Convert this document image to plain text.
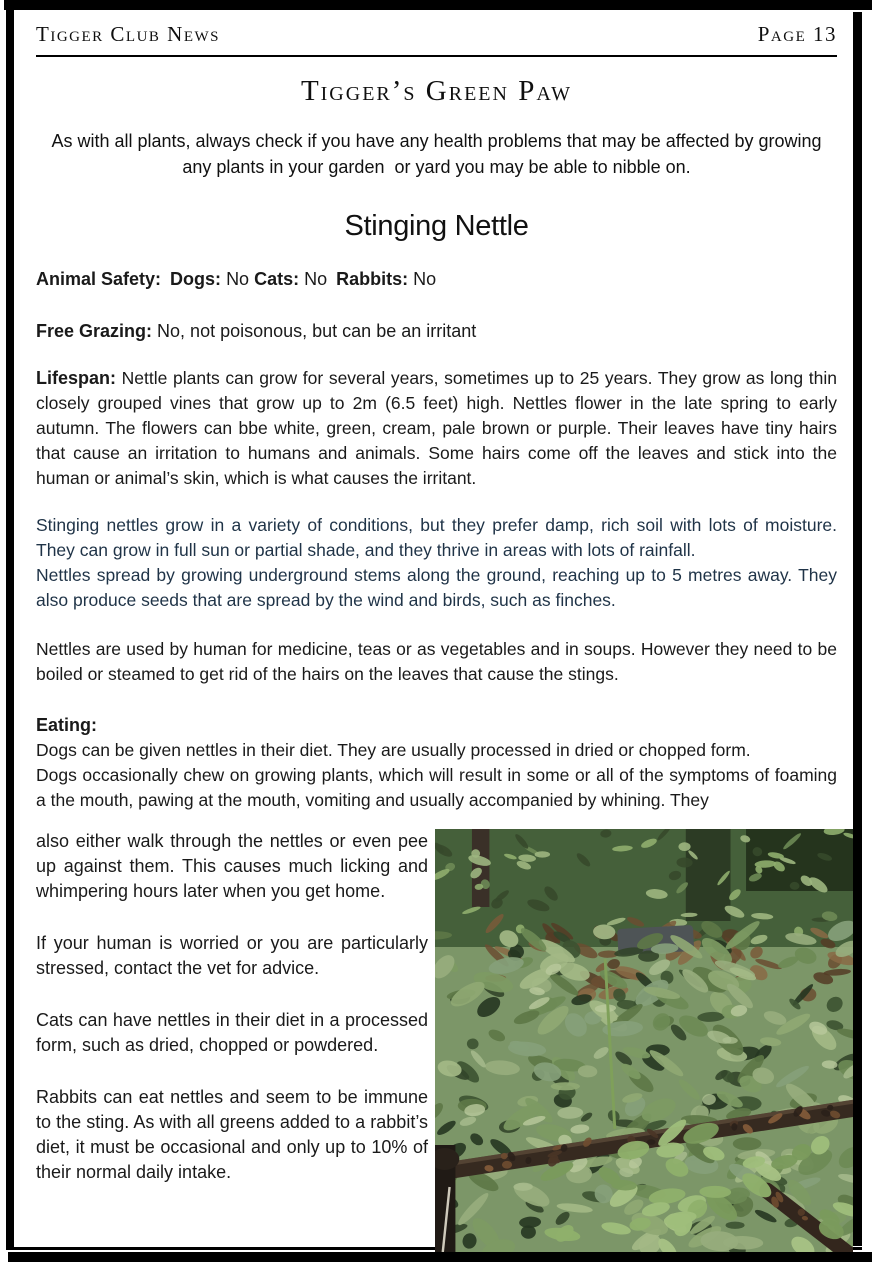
Tigger Club News	Page 13
Tigger’s Green Paw

As with all plants, always check if you have any health problems that may be affected by growing
any plants in your garden  or yard you may be able to nibble on.

Stinging Nettle

Animal Safety: Dogs: No Cats: No Rabbits: No

Free Grazing: No, not poisonous, but can be an irritant

Lifespan: Nettle plants can grow for several years, sometimes up to 25 years. They grow as long thin closely grouped vines that grow up to 2m (6.5 feet) high. Nettles flower in the late spring to early autumn. The flowers can bbe white, green, cream, pale brown or purple. Their leaves have tiny hairs that cause an irritation to humans and animals. Some hairs come off the leaves and stick into the human or animal’s skin, which is what causes the irritant.

Stinging nettles grow in a variety of conditions, but they prefer damp, rich soil with lots of moisture. They can grow in full sun or partial shade, and they thrive in areas with lots of rainfall.

Nettles spread by growing underground stems along the ground, reaching up to 5 metres away. They also produce seeds that are spread by the wind and birds, such as finches.

Nettles are used by human for medicine, teas or as vegetables and in soups. However they need to be boiled or steamed to get rid of the hairs on the leaves that cause the stings.

Eating:

Dogs can be given nettles in their diet. They are usually processed in dried or chopped form.

Dogs occasionally chew on growing plants, which will result in some or all of the symptoms of foaming a the mouth, pawing at the mouth, vomiting and usually accompanied by whining. They

also either walk through the nettles or even pee up against them. This causes much licking and whimpering hours later when you get home.

If your human is worried or you are particularly stressed, contact the vet for advice.

Cats can have nettles in their diet in a processed form, such as dried, chopped or powdered.

Rabbits can eat nettles and seem to be immune to the sting. As with all greens added to a rabbit’s diet, it must be occasional and only up to 10% of their normal daily intake.
